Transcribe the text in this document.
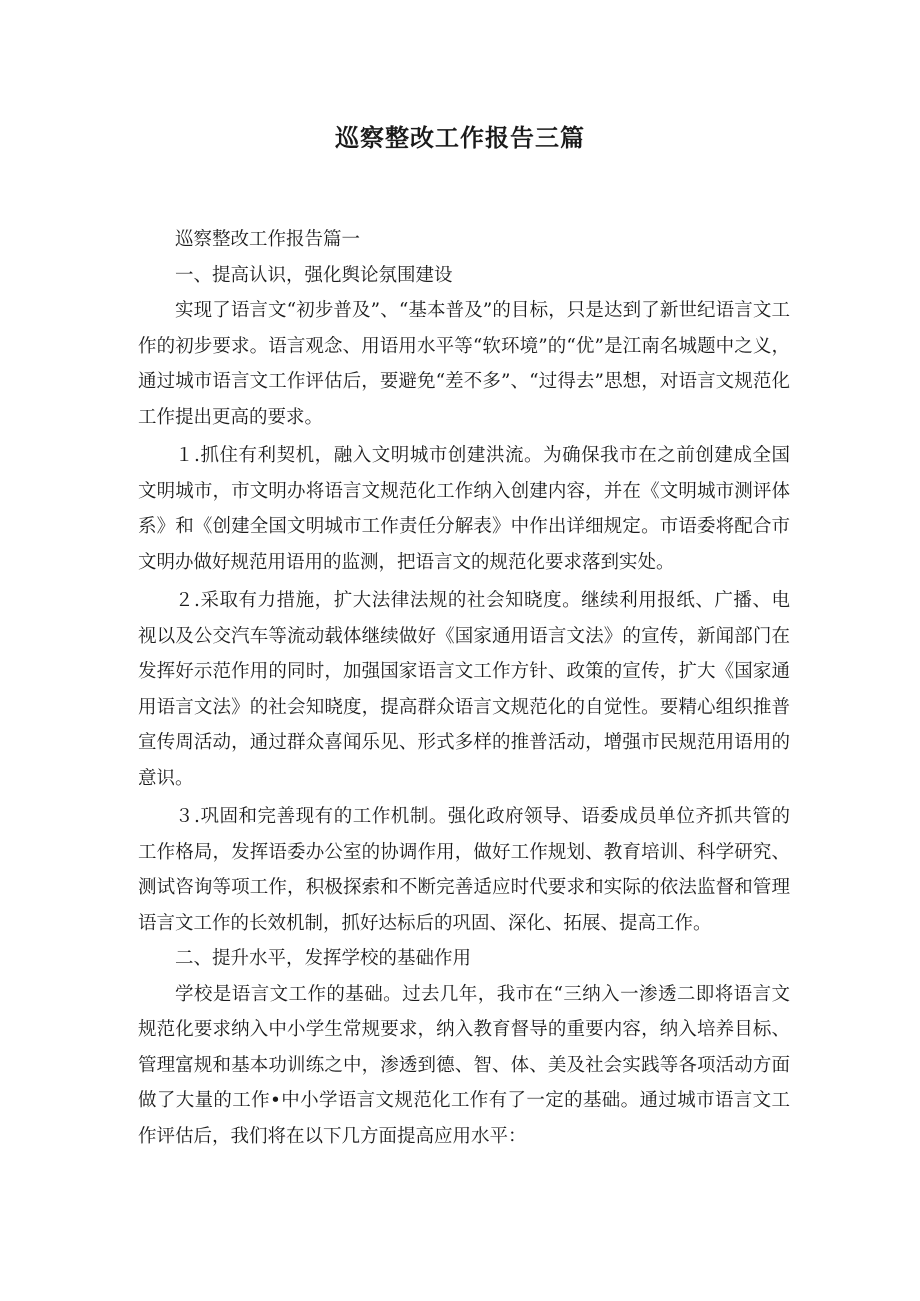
巡察整改工作报告三篇

巡察整改工作报告篇一

一、提高认识，强化舆论氛围建设

实现了语言文“初步普及”、“基本普及”的目标，只是达到了新世纪语言文工作的初步要求。语言观念、用语用水平等“软环境”的“优”是江南名城题中之义，通过城市语言文工作评估后，要避免“差不多”、“过得去”思想，对语言文规范化工作提出更高的要求。

１.抓住有利契机，融入文明城市创建洪流。为确保我市在之前创建成全国文明城市，市文明办将语言文规范化工作纳入创建内容，并在《文明城市测评体系》和《创建全国文明城市工作责任分解表》中作出详细规定。市语委将配合市文明办做好规范用语用的监测，把语言文的规范化要求落到实处。

２.采取有力措施，扩大法律法规的社会知晓度。继续利用报纸、广播、电视以及公交汽车等流动载体继续做好《国家通用语言文法》的宣传，新闻部门在发挥好示范作用的同时，加强国家语言文工作方针、政策的宣传，扩大《国家通用语言文法》的社会知晓度，提高群众语言文规范化的自觉性。要精心组织推普宣传周活动，通过群众喜闻乐见、形式多样的推普活动，增强市民规范用语用的意识。

３.巩固和完善现有的工作机制。强化政府领导、语委成员单位齐抓共管的工作格局，发挥语委办公室的协调作用，做好工作规划、教育培训、科学研究、测试咨询等项工作，积极探索和不断完善适应时代要求和实际的依法监督和管理语言文工作的长效机制，抓好达标后的巩固、深化、拓展、提高工作。

二、提升水平，发挥学校的基础作用

学校是语言文工作的基础。过去几年，我市在“三纳入一渗透二即将语言文规范化要求纳入中小学生常规要求，纳入教育督导的重要内容，纳入培养目标、管理富规和基本功训练之中，渗透到德、智、体、美及社会实践等各项活动方面做了大量的工作•中小学语言文规范化工作有了一定的基础。通过城市语言文工作评估后，我们将在以下几方面提高应用水平：
